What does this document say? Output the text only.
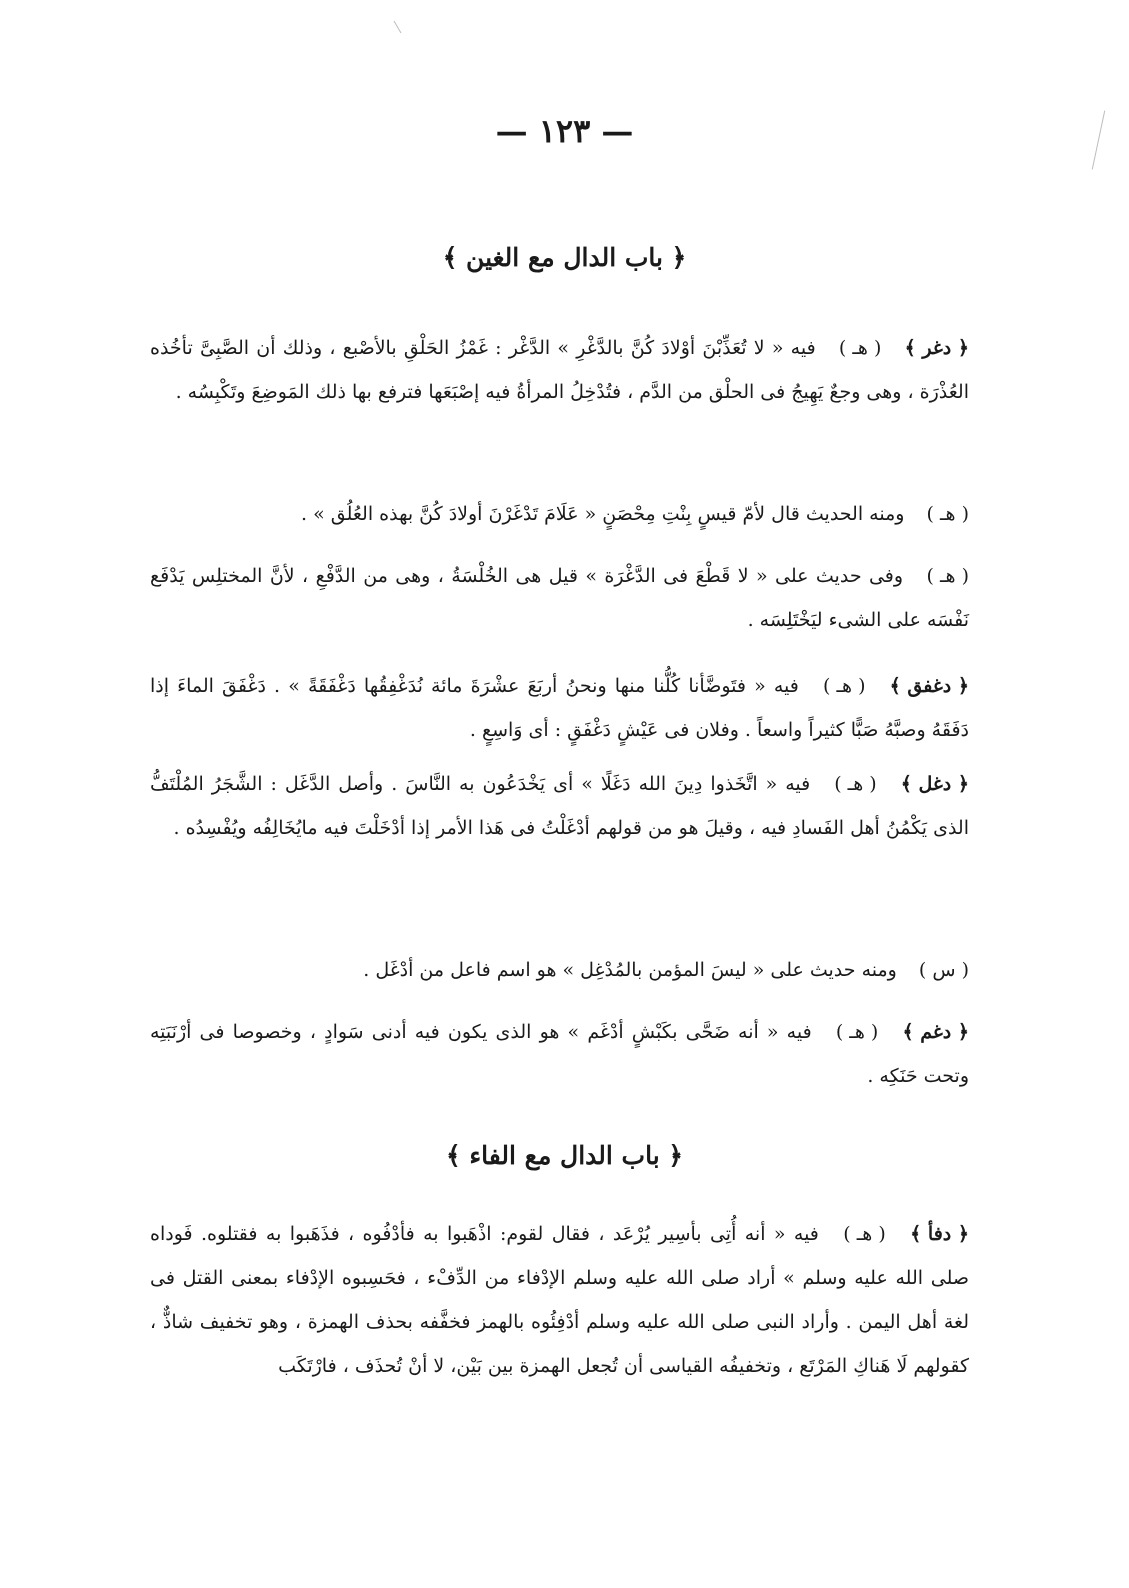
— ١٢٣ —
﴿ باب الدال مع الغين ﴾

﴿ دغر ﴾ ( هـ ) فيه « لا تُعَذِّبْنَ أوْلادَ كُنَّ بالدَّغْرِ » الدَّغْر : غَمْزُ الحَلْقِ بالأصْبع ، وذلك أن الصَّبِىَّ تأخُذه العُذْرَة ، وهى وجعٌ يَهِيجُ فى الحلْق من الدَّم ، فتُدْخِلُ المرأةُ فيه إصْبَعَها فترفع بها ذلك المَوضِعَ وتَكْبِسُه .

( هـ ) ومنه الحديث قال لأمّ قيسٍ بِنْتِ مِحْصَنٍ « عَلَامَ تَدْغَرْنَ أولادَ كُنَّ بهذه العُلُق » .

( هـ ) وفى حديث على « لا قَطْعَ فى الدَّغْرَة » قيل هى الخُلْسَةُ ، وهى من الدَّفْعِ ، لأنَّ المختلِس يَدْفَع نَفْسَه على الشىء ليَخْتَلِسَه .

﴿ دغفق ﴾ ( هـ ) فيه « فتَوضَّأنا كُلُّنا منها ونحنُ أربَعَ عشْرَةَ مائة نُدَغْفِقُها دَغْفَقَةً » . دَغْفَقَ الماءَ إذا دَفَقَهُ وصبَّهُ صَبًّا كثيراً واسعاً . وفلان فى عَيْشٍ دَغْفَقٍ : أى وَاسِعٍ .

﴿ دغل ﴾ ( هـ ) فيه « اتَّخَذوا دِينَ الله دَغَلًا » أى يَخْدَعُون به النَّاسَ . وأصل الدَّغَل : الشَّجَرُ المُلْتَفُّ الذى يَكْمُنُ أهل الفَسادِ فيه ، وقيلَ هو من قولهم أدْغَلْتُ فى هَذا الأمر إذا أدْخَلْتَ فيه مايُخَالِفُه ويُفْسِدُه .

( س ) ومنه حديث على « ليسَ المؤمن بالمُدْغِل » هو اسم فاعل من أدْغَل .

﴿ دغم ﴾ ( هـ ) فيه « أنه ضَحَّى بكَبْشٍ أدْغَم » هو الذى يكون فيه أدنى سَوادٍ ، وخصوصا فى أرْنَبَتِه وتحت حَنَكِه .

﴿ باب الدال مع الفاء ﴾

﴿ دفأ ﴾ ( هـ ) فيه « أنه أُتِى بأسِير يُرْعَد ، فقال لقوم: اذْهَبوا به فأدْفُوه ، فذَهَبوا به فقتلوه. فَوداه صلى الله عليه وسلم » أراد صلى الله عليه وسلم الإدْفاء من الدِّفْء ، فحَسِبوه الإدْفاء بمعنى القتل فى لغة أهل اليمن . وأراد النبى صلى الله عليه وسلم أدْفِئُوه بالهمز فخفَّفه بحذف الهمزة ، وهو تخفيف شاذٌّ ، كقولهم لَا هَناكِ المَرْتَع ، وتخفيفُه القياسى أن تُجعل الهمزة بين بَيْن، لا أنْ تُحذَف ، فارْتَكَب
